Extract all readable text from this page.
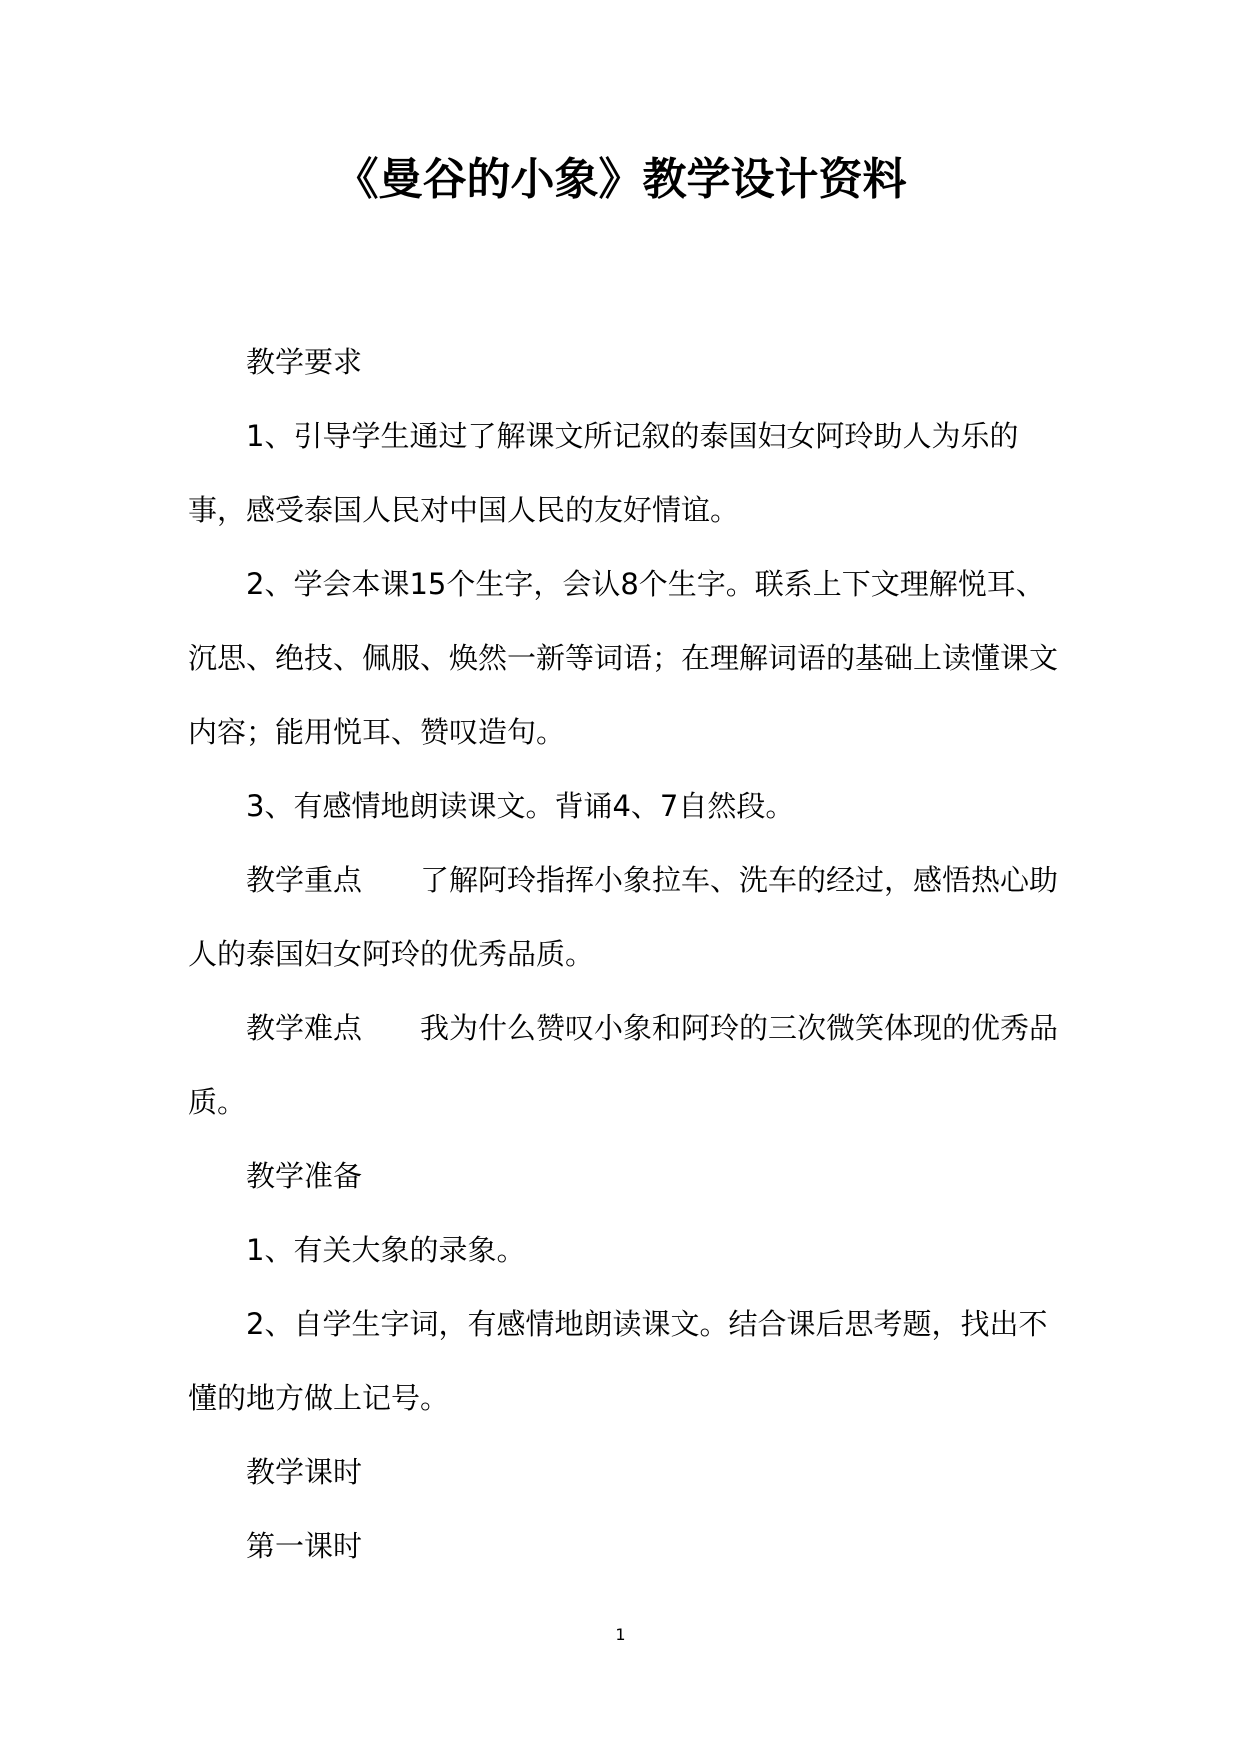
《曼谷的小象》教学设计资料

教学要求

1、引导学生通过了解课文所记叙的泰国妇女阿玲助人为乐的事，感受泰国人民对中国人民的友好情谊。

2、学会本课15个生字，会认8个生字。联系上下文理解悦耳、沉思、绝技、佩服、焕然一新等词语；在理解词语的基础上读懂课文内容；能用悦耳、赞叹造句。

3、有感情地朗读课文。背诵4、7自然段。

教学重点　　了解阿玲指挥小象拉车、洗车的经过，感悟热心助人的泰国妇女阿玲的优秀品质。

教学难点　　我为什么赞叹小象和阿玲的三次微笑体现的优秀品质。

教学准备

1、有关大象的录象。

2、自学生字词，有感情地朗读课文。结合课后思考题，找出不懂的地方做上记号。

教学课时

第一课时

1
